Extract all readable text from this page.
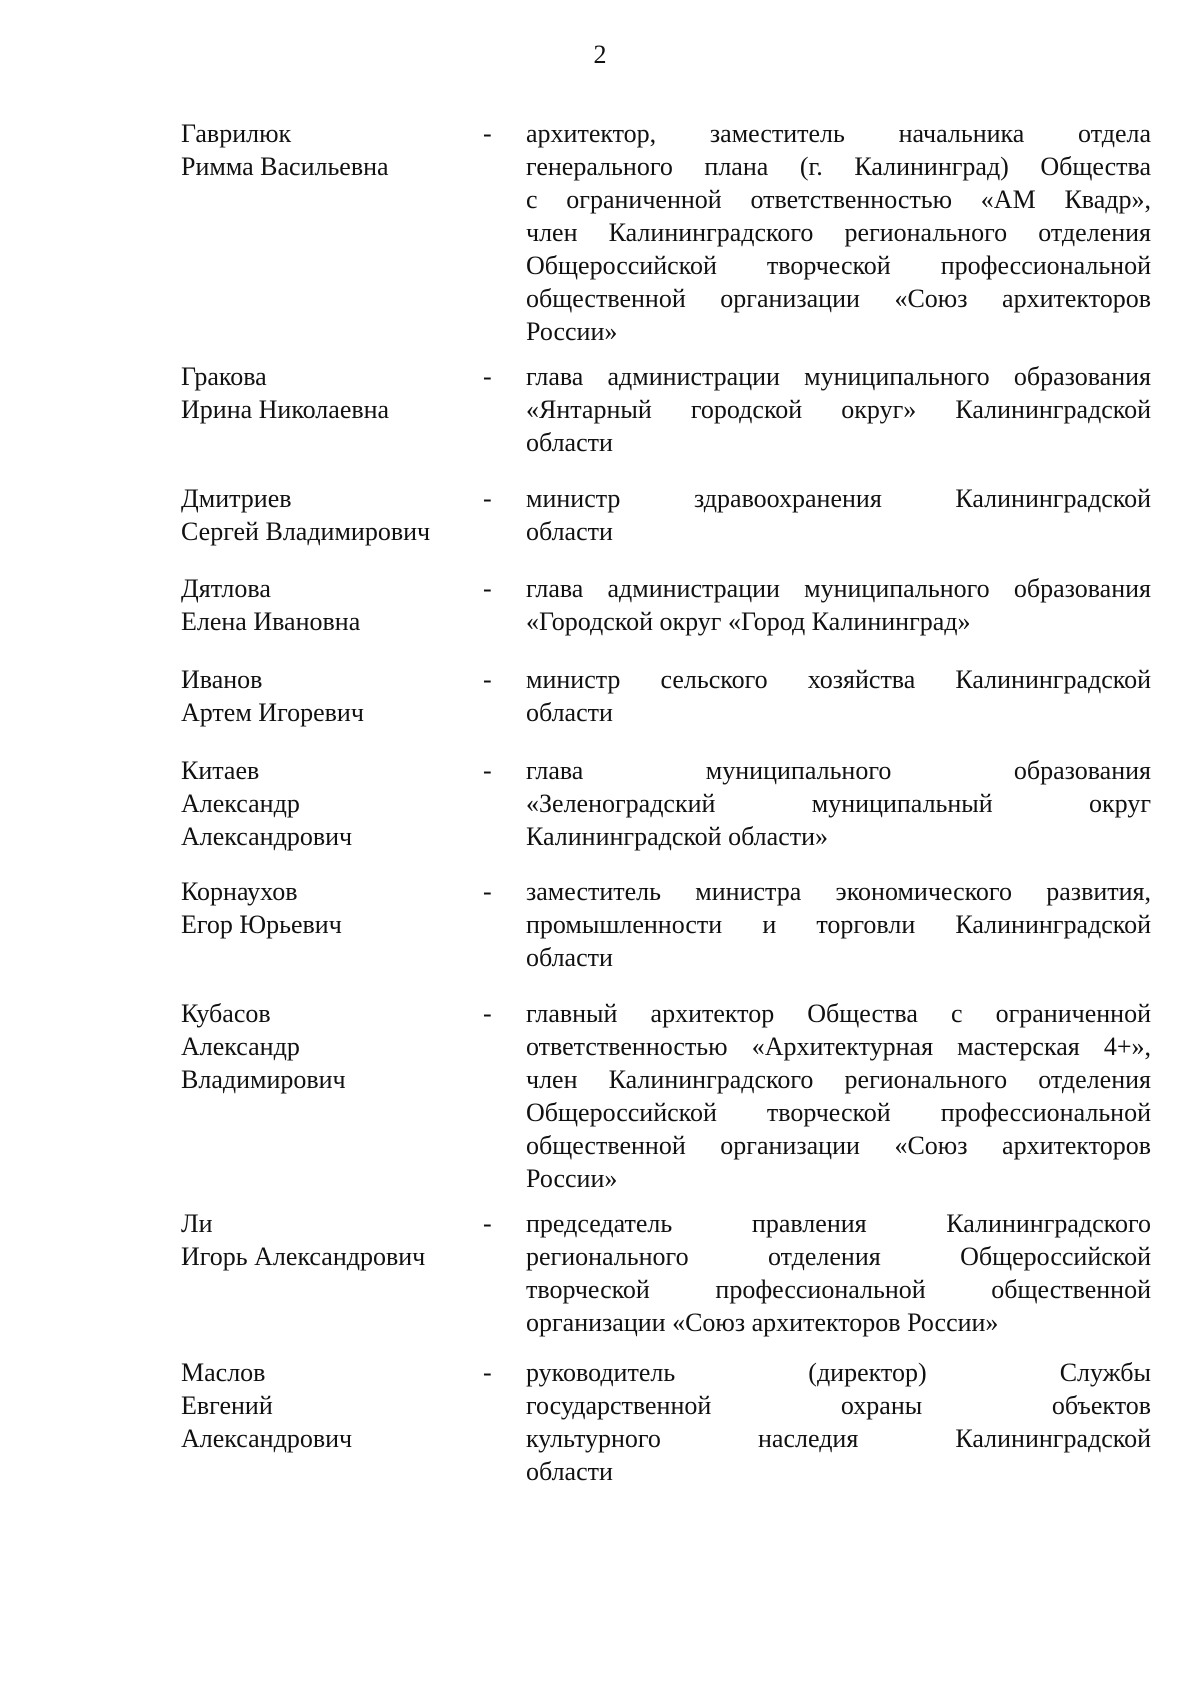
2
Гаврилюк
Римма Васильевна
- архитектор, заместитель начальника отдела
генерального плана (г. Калининград) Общества
с ограниченной ответственностью «АМ Квадр»,
член Калининградского регионального отделения
Общероссийской творческой профессиональной
общественной организации «Союз архитекторов
России»
Гракова
Ирина Николаевна
- глава администрации муниципального образования
«Янтарный городской округ» Калининградской
области
Дмитриев
Сергей Владимирович
- министр здравоохранения Калининградской
области
Дятлова
Елена Ивановна
- глава администрации муниципального образования
«Городской округ «Город Калининград»
Иванов
Артем Игоревич
- министр сельского хозяйства Калининградской
области
Китаев
Александр
Александрович
- глава муниципального образования
«Зеленоградский муниципальный округ
Калининградской области»
Корнаухов
Егор Юрьевич
- заместитель министра экономического развития,
промышленности и торговли Калининградской
области
Кубасов
Александр
Владимирович
- главный архитектор Общества с ограниченной
ответственностью «Архитектурная мастерская 4+»,
член Калининградского регионального отделения
Общероссийской творческой профессиональной
общественной организации «Союз архитекторов
России»
Ли
Игорь Александрович
- председатель правления Калининградского
регионального отделения Общероссийской
творческой профессиональной общественной
организации «Союз архитекторов России»
Маслов
Евгений
Александрович
- руководитель (директор) Службы
государственной охраны объектов
культурного наследия Калининградской
области
